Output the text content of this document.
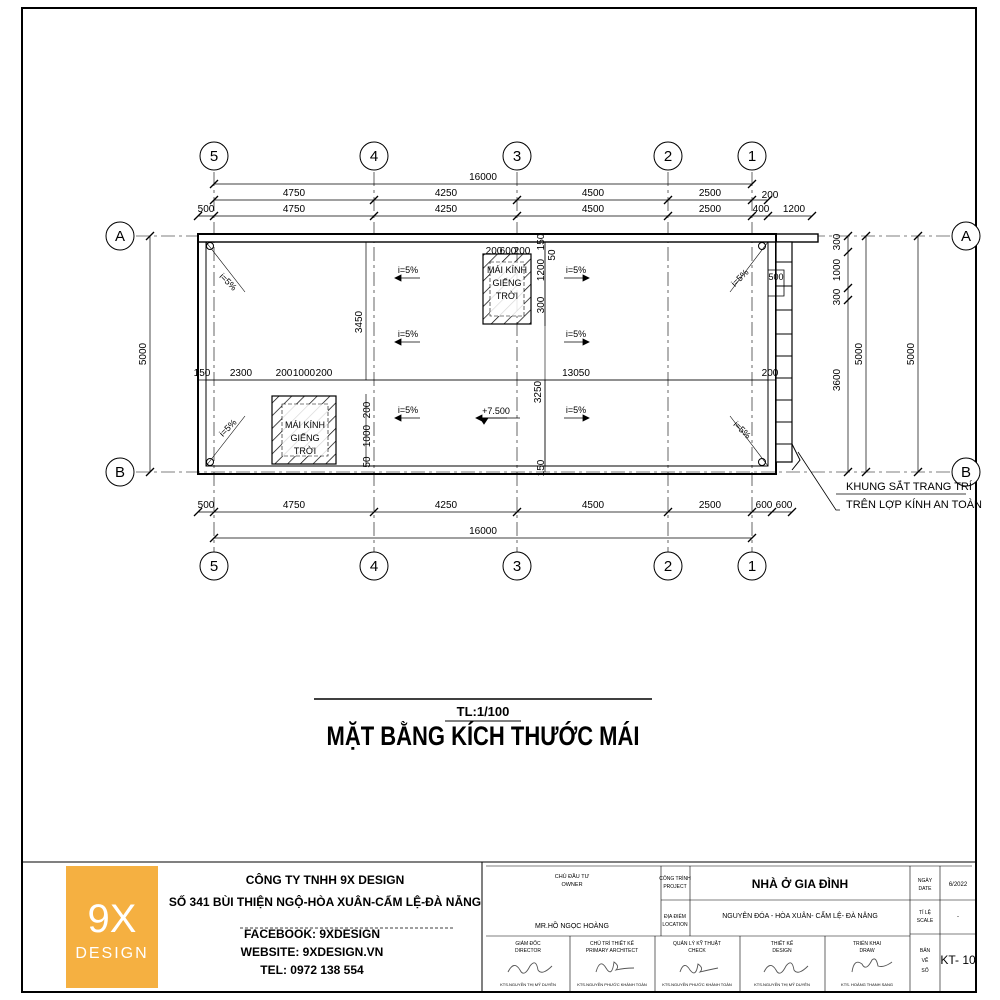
5	4	3	2	1
5	4	3	2	1
A
B
A
B
16000
4750	4250	4500	2500	200
500	4750	4250	4500	2500	400 1200
500	4750	4250	4500	2500	600 600
16000
5000	5000	5000
300
1000
300
3600
3450
3250
150 2300 200 1000 200	13050	200
200
600
200
150
50
1200
300
200
1000
50	150
500
i=5%
i=5%
i=5%
i=5%
i=5%
i=5%
i=5%	i=5%
i=5%	i=5%
+7.500
MÁI KÍNH
GIẾNG
TRỜI
MÁI KÍNH
GIẾNG
TRỜI
KHUNG SẮT TRANG TRÍ
TRÊN LỢP KÍNH AN TOÀN
MẶT BẰNG KÍCH THƯỚC MÁI
TL:1/100
9X
DESIGN
CÔNG TY TNHH 9X DESIGN
SỐ 341 BÙI THIỆN NGỘ-HÒA XUÂN-CẨM LỆ-ĐÀ NẴNG
FACEBOOK: 9XDESIGN
WEBSITE: 9XDESIGN.VN
TEL: 0972 138 554
CHỦ ĐẦU TƯ
OWNER
MR.HỒ NGỌC HOÀNG
CÔNG TRÌNH
PROJECT	NHÀ Ở GIA ĐÌNH
ĐỊA ĐIỂM
LOCATION
NGUYÊN ĐÓA - HÒA XUÂN- CẨM LỆ- ĐÀ NẴNG
NGÀY
DATE
6/2022
TỈ LỆ
SCALE
-
BẢN
VẼ
SỐ
KT- 10
GIÁM ĐỐC
DIRECTOR
KTS.NGUYỄN THỊ MỸ DUYÊN
CHỦ TRÌ THIẾT KẾ
PRIMARY ARCHITECT
KTS.NGUYỄN PHƯỚC KHÁNH TOÀN
QUẢN LÝ KỸ THUẬT
CHECK
KTS.NGUYỄN PHƯỚC KHÁNH TOÀN
THIẾT KẾ
DESIGN
KTS.NGUYỄN THỊ MỸ DUYÊN
TRIỂN KHAI
DRAW
KTS. HOÀNG THANH SANG
